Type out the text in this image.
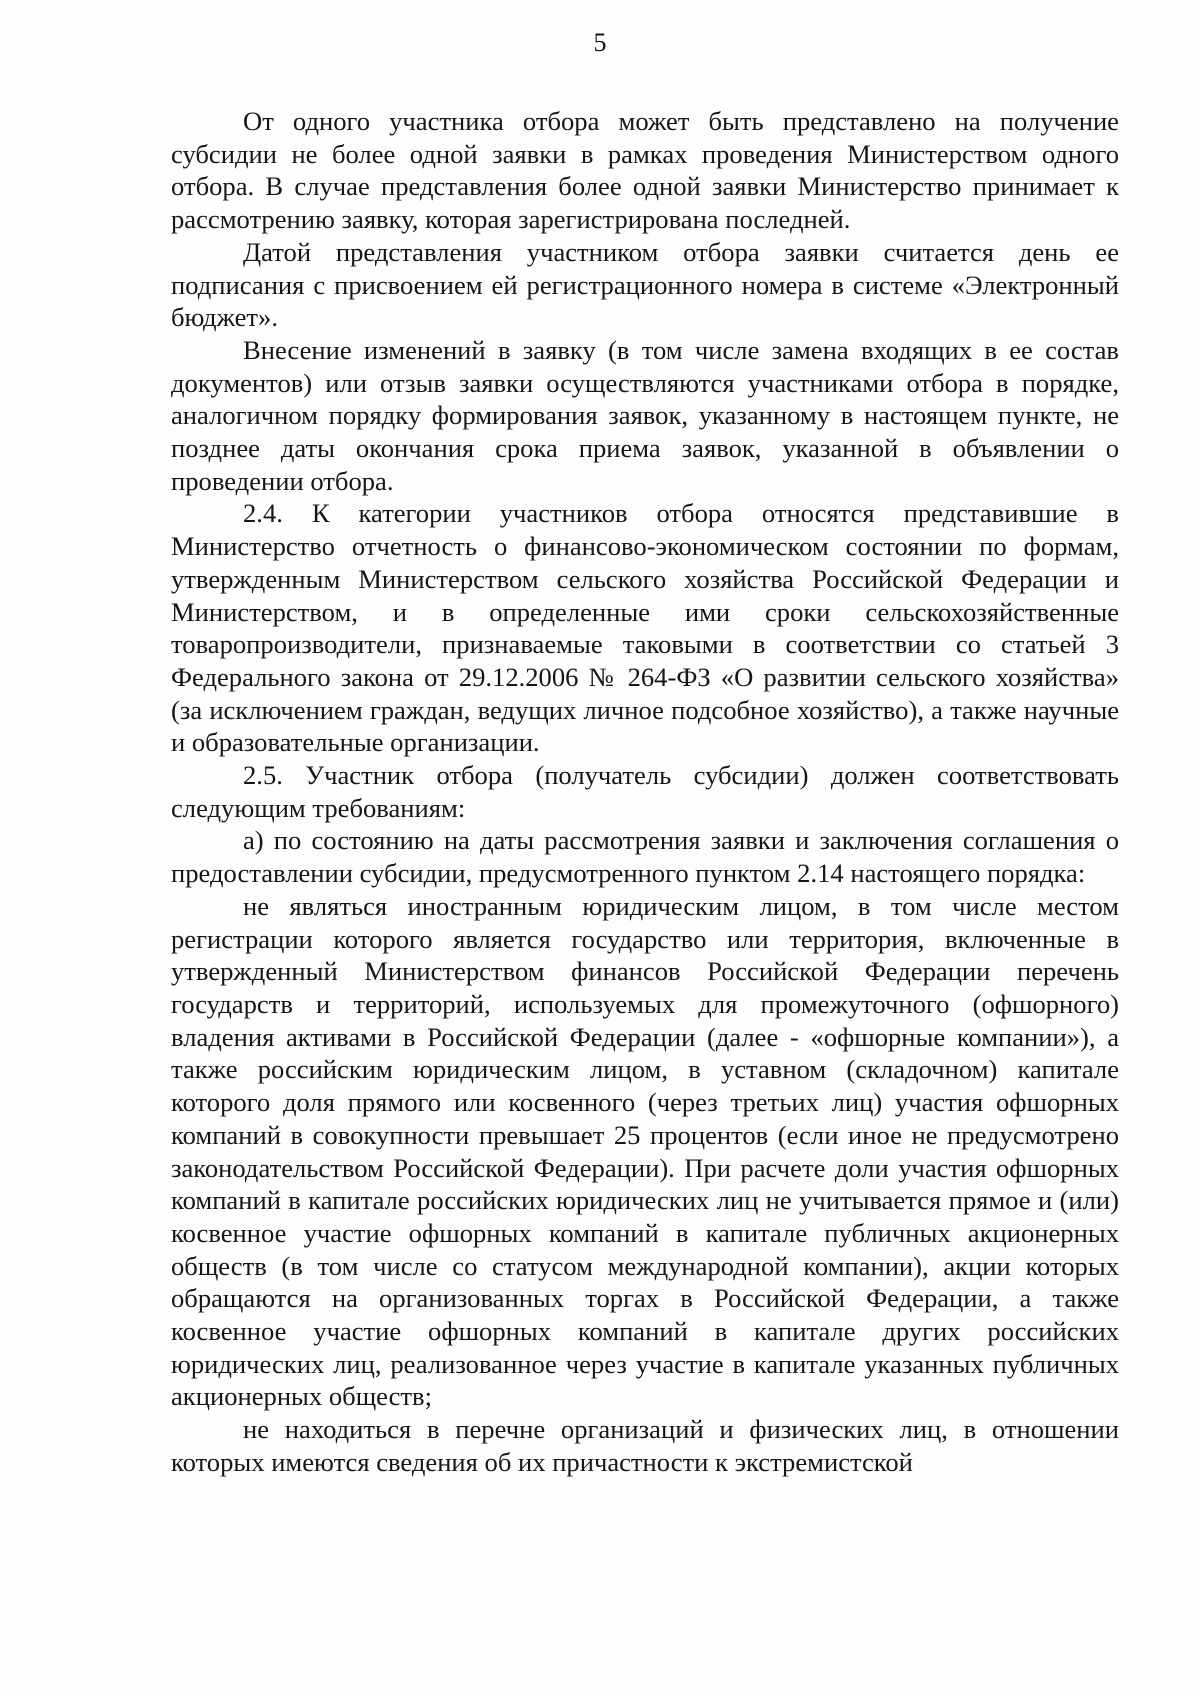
5

От одного участника отбора может быть представлено на получение субсидии не более одной заявки в рамках проведения Министерством одного отбора. В случае представления более одной заявки Министерство принимает к рассмотрению заявку, которая зарегистрирована последней.

Датой представления участником отбора заявки считается день ее подписания с присвоением ей регистрационного номера в системе «Электронный бюджет».

Внесение изменений в заявку (в том числе замена входящих в ее состав документов) или отзыв заявки осуществляются участниками отбора в порядке, аналогичном порядку формирования заявок, указанному в настоящем пункте, не позднее даты окончания срока приема заявок, указанной в объявлении о проведении отбора.

2.4. К категории участников отбора относятся представившие в Министерство отчетность о финансово-экономическом состоянии по формам, утвержденным Министерством сельского хозяйства Российской Федерации и Министерством, и в определенные ими сроки сельскохозяйственные товаропроизводители, признаваемые таковыми в соответствии со статьей 3 Федерального закона от 29.12.2006 № 264-ФЗ «О развитии сельского хозяйства» (за исключением граждан, ведущих личное подсобное хозяйство), а также научные и образовательные организации.

2.5. Участник отбора (получатель субсидии) должен соответствовать следующим требованиям:

а) по состоянию на даты рассмотрения заявки и заключения соглашения о предоставлении субсидии, предусмотренного пунктом 2.14 настоящего порядка:

не являться иностранным юридическим лицом, в том числе местом регистрации которого является государство или территория, включенные в утвержденный Министерством финансов Российской Федерации перечень государств и территорий, используемых для промежуточного (офшорного) владения активами в Российской Федерации (далее - «офшорные компании»), а также российским юридическим лицом, в уставном (складочном) капитале которого доля прямого или косвенного (через третьих лиц) участия офшорных компаний в совокупности превышает 25 процентов (если иное не предусмотрено законодательством Российской Федерации). При расчете доли участия офшорных компаний в капитале российских юридических лиц не учитывается прямое и (или) косвенное участие офшорных компаний в капитале публичных акционерных обществ (в том числе со статусом международной компании), акции которых обращаются на организованных торгах в Российской Федерации, а также косвенное участие офшорных компаний в капитале других российских юридических лиц, реализованное через участие в капитале указанных публичных акционерных обществ;

не находиться в перечне организаций и физических лиц, в отношении которых имеются сведения об их причастности к экстремистской
